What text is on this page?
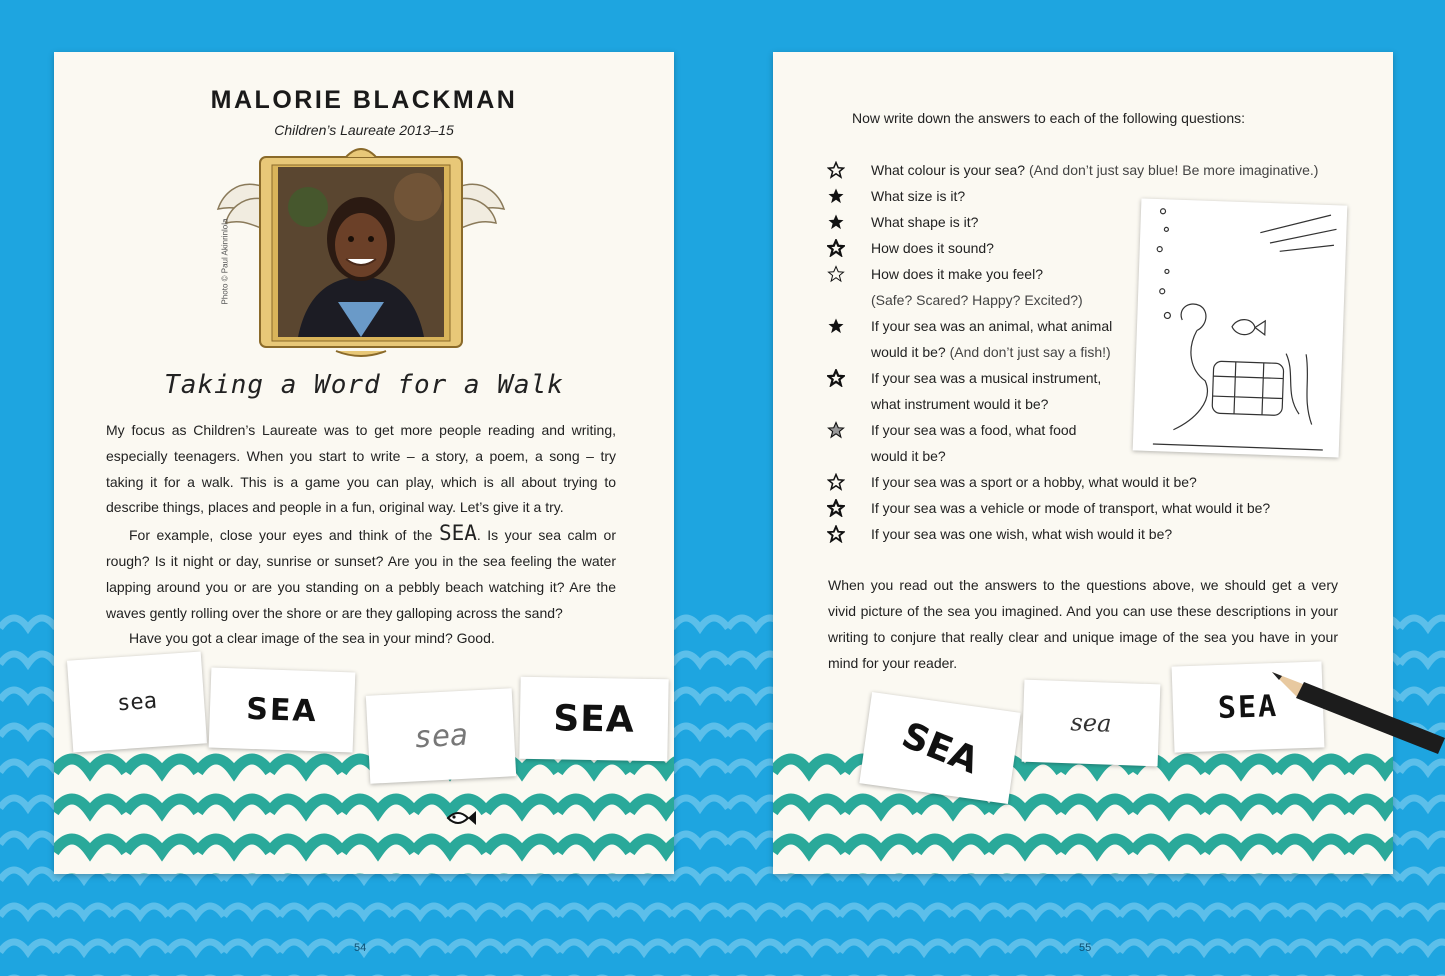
MALORIE BLACKMAN
Children’s Laureate 2013–15
Photo © Paul Akinrinlola
Taking a Word for a Walk

My focus as Children’s Laureate was to get more people reading and writing, especially teenagers. When you start to write – a story, a poem, a song – try taking it for a walk. This is a game you can play, which is all about trying to describe things, places and people in a fun, original way. Let’s give it a try.

For example, close your eyes and think of the SEA. Is your sea calm or rough? Is it night or day, sunrise or sunset? Are you in the sea feeling the water lapping around you or are you standing on a pebbly beach watching it? Are the waves gently rolling over the shore or are they galloping across the sand?

Have you got a clear image of the sea in your mind? Good.

sea	SEA
sea SEA
Now write down the answers to each of the following questions:
What colour is your sea? (And don’t just say blue! Be more imaginative.)
What size is it?
What shape is it?
How does it sound?
How does it make you feel?
(Safe? Scared? Happy? Excited?)
If your sea was an animal, what animal
would it be? (And don’t just say a fish!)
If your sea was a musical instrument,
what instrument would it be?
If your sea was a food, what food
would it be?
If your sea was a sport or a hobby, what would it be?
If your sea was a vehicle or mode of transport, what would it be?
If your sea was one wish, what wish would it be?

When you read out the answers to the questions above, we should get a very vivid picture of the sea you imagined. And you can use these descriptions in your writing to conjure that really clear and unique image of the sea you have in your mind for your reader.

SEA	sea	SEA
54	55
